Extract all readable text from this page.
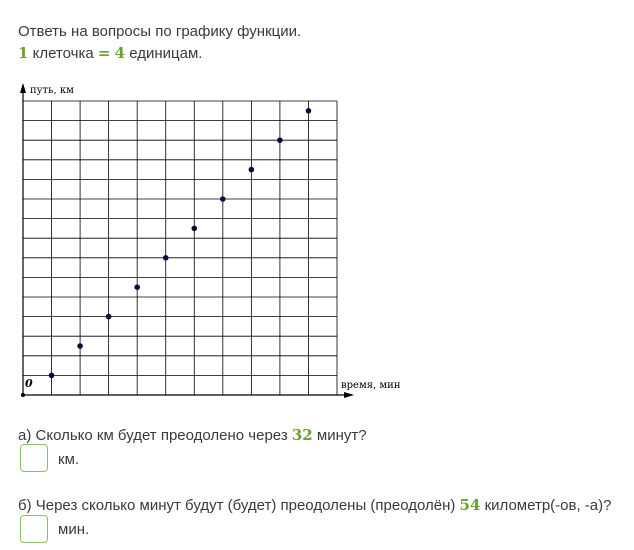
Ответь на вопросы по графику функции.
1 клеточка = 4 единицам.
путь, км
время, мин
0
а) Сколько км будет преодолено через 32 минут?
км.
б) Через сколько минут будут (будет) преодолены (преодолён) 54 километр(-ов, -а)?
мин.
